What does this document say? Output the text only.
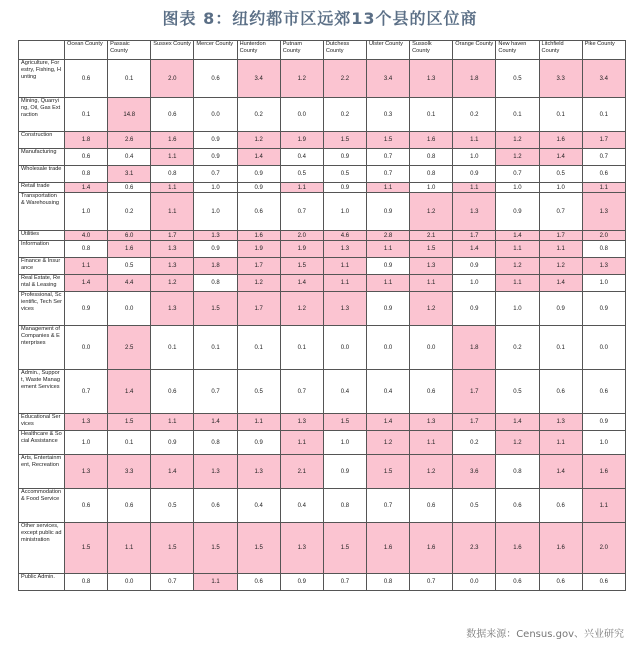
图表 8：纽约都市区远郊13个县的区位商
	Ocean County	Passaic County	Sussex County	Mercer County	Hunterdon County	Putnam County	Dutchess County	Ulster County	Sussolk County	Orange County	New haven County	Litchfield County	Pike County
Agriculture, Forestry, Fishing, Hunting	0.6	0.1	2.0	0.6	3.4	1.2	2.2	3.4	1.3	1.8	0.5	3.3	3.4
Mining, Quarrying, Oil, Gas Extraction	0.1	14.8	0.6	0.0	0.2	0.0	0.2	0.3	0.1	0.2	0.1	0.1	0.1
Construction	1.8	2.6	1.6	0.9	1.2	1.9	1.5	1.5	1.6	1.1	1.2	1.6	1.7
Manufacturing	0.6	0.4	1.1	0.9	1.4	0.4	0.9	0.7	0.8	1.0	1.2	1.4	0.7
Wholesale trade	0.8	3.1	0.8	0.7	0.9	0.5	0.5	0.7	0.8	0.9	0.7	0.5	0.6
Retail trade	1.4	0.6	1.1	1.0	0.9	1.1	0.9	1.1	1.0	1.1	1.0	1.0	1.1
Transportation & Warehousing	1.0	0.2	1.1	1.0	0.6	0.7	1.0	0.9	1.2	1.3	0.9	0.7	1.3
Utilities	4.0	6.0	1.7	1.3	1.6	2.0	4.6	2.8	2.1	1.7	1.4	1.7	2.0
Information	0.8	1.6	1.3	0.9	1.9	1.9	1.3	1.1	1.5	1.4	1.1	1.1	0.8
Finance & Insurance	1.1	0.5	1.3	1.8	1.7	1.5	1.1	0.9	1.3	0.9	1.2	1.2	1.3
Real Estate, Rental & Leasing	1.4	4.4	1.2	0.8	1.2	1.4	1.1	1.1	1.1	1.0	1.1	1.4	1.0
Professional, Scientific, Tech Services	0.9	0.0	1.3	1.5	1.7	1.2	1.3	0.9	1.2	0.9	1.0	0.9	0.9
Management of Companies & Enterprises	0.0	2.5	0.1	0.1	0.1	0.1	0.0	0.0	0.0	1.8	0.2	0.1	0.0
Admin., Support, Waste Management Services	0.7	1.4	0.6	0.7	0.5	0.7	0.4	0.4	0.6	1.7	0.5	0.6	0.6
Educational Services	1.3	1.5	1.1	1.4	1.1	1.3	1.5	1.4	1.3	1.7	1.4	1.3	0.9
Healthcare & Social Assistance	1.0	0.1	0.9	0.8	0.9	1.1	1.0	1.2	1.1	0.2	1.2	1.1	1.0
Arts, Entertainment, Recreation	1.3	3.3	1.4	1.3	1.3	2.1	0.9	1.5	1.2	3.6	0.8	1.4	1.6
Accommodation & Food Service	0.6	0.6	0.5	0.6	0.4	0.4	0.8	0.7	0.6	0.5	0.6	0.6	1.1
Other services, except public administration	1.5	1.1	1.5	1.5	1.5	1.3	1.5	1.6	1.6	2.3	1.6	1.6	2.0
Public Admin.	0.8	0.0	0.7	1.1	0.6	0.9	0.7	0.8	0.7	0.0	0.6	0.6	0.6
数据来源：Census.gov、兴业研究
